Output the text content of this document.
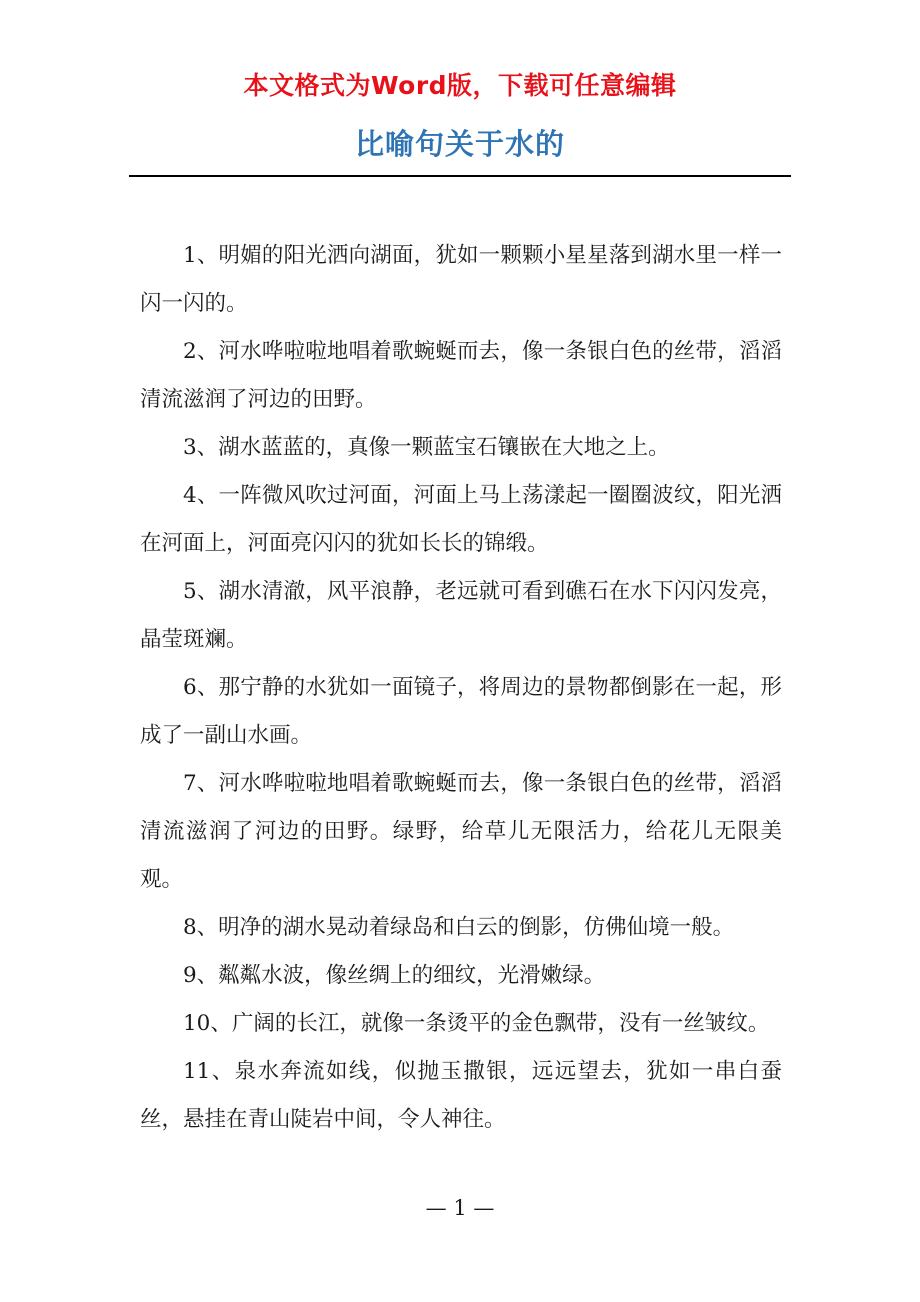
本文格式为Word版，下载可任意编辑
比喻句关于水的

1、明媚的阳光洒向湖面，犹如一颗颗小星星落到湖水里一样一闪一闪的。

2、河水哗啦啦地唱着歌蜿蜒而去，像一条银白色的丝带，滔滔清流滋润了河边的田野。

3、湖水蓝蓝的，真像一颗蓝宝石镶嵌在大地之上。

4、一阵微风吹过河面，河面上马上荡漾起一圈圈波纹，阳光洒在河面上，河面亮闪闪的犹如长长的锦缎。

5、湖水清澈，风平浪静，老远就可看到礁石在水下闪闪发亮，晶莹斑斓。

6、那宁静的水犹如一面镜子，将周边的景物都倒影在一起，形成了一副山水画。

7、河水哗啦啦地唱着歌蜿蜒而去，像一条银白色的丝带，滔滔清流滋润了河边的田野。绿野，给草儿无限活力，给花儿无限美观。

8、明净的湖水晃动着绿岛和白云的倒影，仿佛仙境一般。

9、粼粼水波，像丝绸上的细纹，光滑嫩绿。

10、广阔的长江，就像一条烫平的金色飘带，没有一丝皱纹。

11、泉水奔流如线，似抛玉撒银，远远望去，犹如一串白蚕丝，悬挂在青山陡岩中间，令人神往。

— 1 —
